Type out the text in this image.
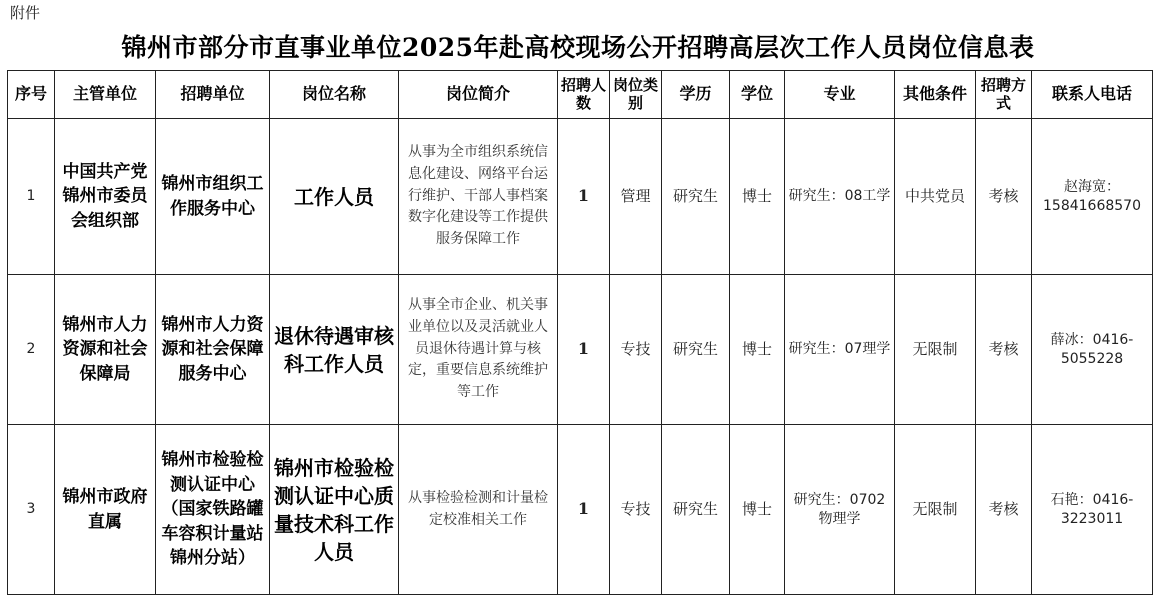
附件
锦州市部分市直事业单位2025年赴高校现场公开招聘高层次工作人员岗位信息表
序号	主管单位	招聘单位	岗位名称	岗位简介	招聘人数	岗位类别	学历	学位	专业	其他条件	招聘方式	联系人电话
1	中国共产党锦州市委员会组织部	锦州市组织工作服务中心	工作人员	从事为全市组织系统信息化建设、网络平台运行维护、干部人事档案数字化建设等工作提供服务保障工作	1	管理	研究生	博士	研究生：08工学	中共党员	考核	赵海宽：15841668570
2	锦州市人力资源和社会保障局	锦州市人力资源和社会保障服务中心	退休待遇审核科工作人员	从事全市企业、机关事业单位以及灵活就业人员退休待遇计算与核定，重要信息系统维护等工作	1	专技	研究生	博士	研究生：07理学	无限制	考核	薛冰：0416-5055228
3	锦州市政府直属	锦州市检验检测认证中心（国家铁路罐车容积计量站锦州分站）	锦州市检验检测认证中心质量技术科工作人员	从事检验检测和计量检定校准相关工作	1	专技	研究生	博士	研究生：0702物理学	无限制	考核	石艳：0416-3223011
